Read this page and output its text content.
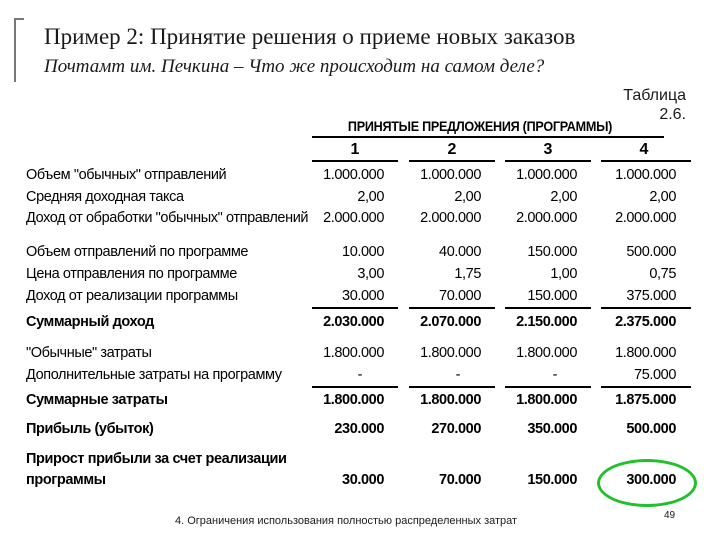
Пример 2: Принятие решения о приеме новых заказов

Почтамт им. Печкина – Что же происходит на самом деле?

Таблица
2.6.
ПРИНЯТЫЕ ПРЕДЛОЖЕНИЯ (ПРОГРАММЫ)
1	2	3	4
Объем "обычных" отправлений	1.000.000	1.000.000	1.000.000	1.000.000
Средняя доходная такса	2,00	2,00	2,00	2,00
Доход от обработки "обычных" отправлений	2.000.000	2.000.000	2.000.000	2.000.000
Объем отправлений по программе	10.000	40.000	150.000	500.000
Цена отправления по программе	3,00	1,75	1,00	0,75
Доход от реализации программы	30.000	70.000	150.000	375.000
Суммарный доход	2.030.000	2.070.000	2.150.000	2.375.000
"Обычные" затраты	1.800.000	1.800.000	1.800.000	1.800.000
Дополнительные затраты на программу	-	-	-	75.000
Суммарные затраты	1.800.000	1.800.000	1.800.000	1.875.000
Прибыль (убыток)	230.000	270.000	350.000	500.000
Прирост прибыли за счет реализации
программы	30.000	70.000	150.000	300.000
4. Ограничения использования полностью распределенных затрат	49
